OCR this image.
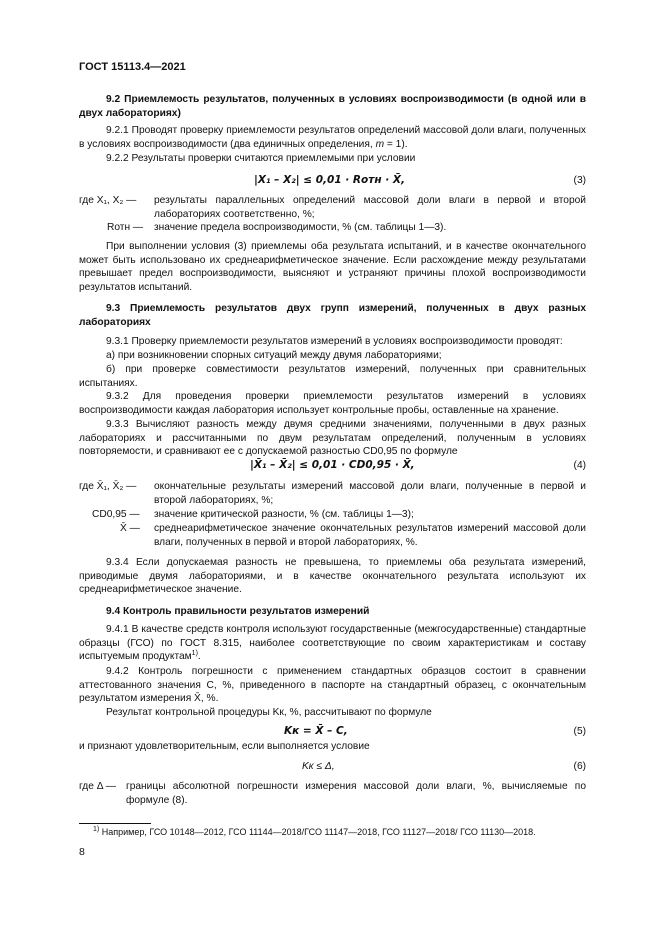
ГОСТ 15113.4—2021
9.2 Приемлемость результатов, полученных в условиях воспроизводимости (в одной или в двух лабораториях)
9.2.1 Проводят проверку приемлемости результатов определений массовой доли влаги, полученных в условиях воспроизводимости (два единичных определения, m = 1).
9.2.2 Результаты проверки считаются приемлемыми при условии
|X₁ – X₂| ≤ 0,01 · Rотн · X̄,	(3)
где X₁, X₂ — результаты параллельных определений массовой доли влаги в первой и второй лабораториях соответственно, %;
Rотн — значение предела воспроизводимости, % (см. таблицы 1—3).
При выполнении условия (3) приемлемы оба результата испытаний, и в качестве окончательного может быть использовано их среднеарифметическое значение. Если расхождение между результатами превышает предел воспроизводимости, выясняют и устраняют причины плохой воспроизводимости результатов испытаний.
9.3 Приемлемость результатов двух групп измерений, полученных в двух разных лабораториях
9.3.1 Проверку приемлемости результатов измерений в условиях воспроизводимости проводят:
а) при возникновении спорных ситуаций между двумя лабораториями;
б) при проверке совместимости результатов измерений, полученных при сравнительных испытаниях.
9.3.2 Для проведения проверки приемлемости результатов измерений в условиях воспроизводимости каждая лаборатория использует контрольные пробы, оставленные на хранение.
9.3.3 Вычисляют разность между двумя средними значениями, полученными в двух разных лабораториях и рассчитанными по двум результатам определений, полученным в условиях повторяемости, и сравнивают ее с допускаемой разностью CD0,95 по формуле
|X̄₁ – X̄₂| ≤ 0,01 · CD0,95 · X̄,	(4)
где X̄₁, X̄₂ — окончательные результаты измерений массовой доли влаги, полученные в первой и второй лабораториях, %;
CD0,95 — значение критической разности, % (см. таблицы 1—3);
X̄ — среднеарифметическое значение окончательных результатов измерений массовой доли влаги, полученных в первой и второй лабораториях, %.
9.3.4 Если допускаемая разность не превышена, то приемлемы оба результата измерений, приводимые двумя лабораториями, и в качестве окончательного результата используют их среднеарифметическое значение.
9.4 Контроль правильности результатов измерений
9.4.1 В качестве средств контроля используют государственные (межгосударственные) стандартные образцы (ГСО) по ГОСТ 8.315, наиболее соответствующие по своим характеристикам и составу испытуемым продуктам$^{1)}$.
9.4.2 Контроль погрешности с применением стандартных образцов состоит в сравнении аттестованного значения C, %, приведенного в паспорте на стандартный образец, с окончательным результатом измерения X̄, %.
Результат контрольной процедуры Kк, %, рассчитывают по формуле
Kк = X̄ – C,	(5)
и признают удовлетворительным, если выполняется условие
Kк ≤ Δ,	(6)
где Δ — границы абсолютной погрешности измерения массовой доли влаги, %, вычисляемые по формуле (8).
$^{1)}$ Например, ГСО 10148—2012, ГСО 11144—2018/ГСО 11147—2018, ГСО 11127—2018/ ГСО 11130—2018.
8
